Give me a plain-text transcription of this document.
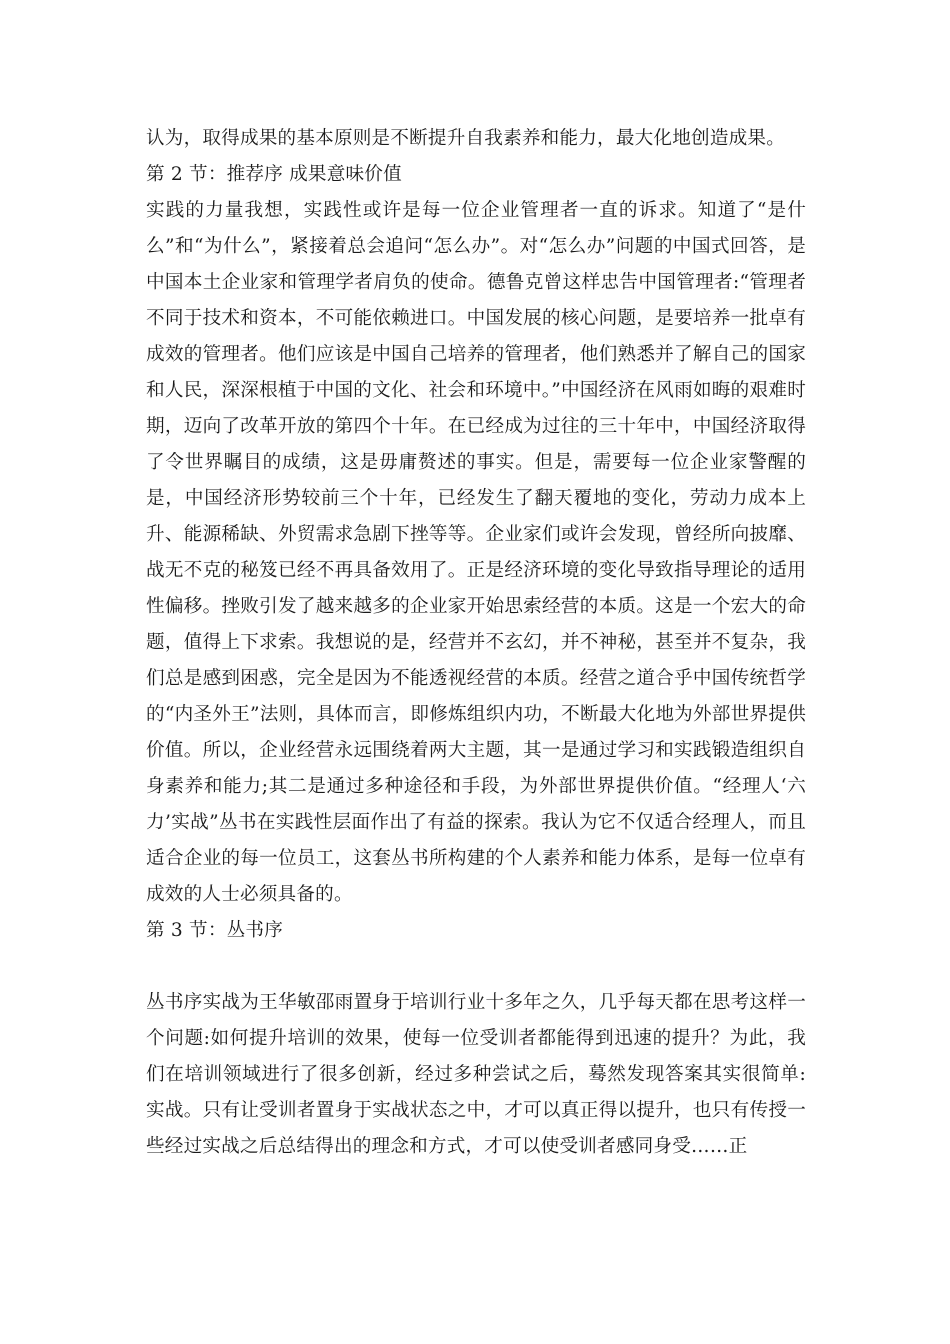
认为，取得成果的基本原则是不断提升自我素养和能力，最大化地创造成果。

第 2 节：推荐序 成果意味价值

实践的力量我想，实践性或许是每一位企业管理者一直的诉求。知道了“是什么”和“为什么”，紧接着总会追问“怎么办”。对“怎么办”问题的中国式回答，是中国本土企业家和管理学者肩负的使命。德鲁克曾这样忠告中国管理者:“管理者不同于技术和资本，不可能依赖进口。中国发展的核心问题，是要培养一批卓有成效的管理者。他们应该是中国自己培养的管理者，他们熟悉并了解自己的国家和人民，深深根植于中国的文化、社会和环境中。”中国经济在风雨如晦的艰难时期，迈向了改革开放的第四个十年。在已经成为过往的三十年中，中国经济取得了令世界瞩目的成绩，这是毋庸赘述的事实。但是，需要每一位企业家警醒的是，中国经济形势较前三个十年，已经发生了翻天覆地的变化，劳动力成本上升、能源稀缺、外贸需求急剧下挫等等。企业家们或许会发现，曾经所向披靡、战无不克的秘笈已经不再具备效用了。正是经济环境的变化导致指导理论的适用性偏移。挫败引发了越来越多的企业家开始思索经营的本质。这是一个宏大的命题，值得上下求索。我想说的是，经营并不玄幻，并不神秘，甚至并不复杂，我们总是感到困惑，完全是因为不能透视经营的本质。经营之道合乎中国传统哲学的“内圣外王”法则，具体而言，即修炼组织内功，不断最大化地为外部世界提供价值。所以，企业经营永远围绕着两大主题，其一是通过学习和实践锻造组织自身素养和能力;其二是通过多种途径和手段，为外部世界提供价值。“经理人‘六力’实战”丛书在实践性层面作出了有益的探索。我认为它不仅适合经理人，而且适合企业的每一位员工，这套丛书所构建的个人素养和能力体系，是每一位卓有成效的人士必须具备的。

第 3 节：丛书序

丛书序实战为王华敏邵雨置身于培训行业十多年之久，几乎每天都在思考这样一个问题:如何提升培训的效果，使每一位受训者都能得到迅速的提升？为此，我们在培训领域进行了很多创新，经过多种尝试之后，蓦然发现答案其实很简单:实战。只有让受训者置身于实战状态之中，才可以真正得以提升，也只有传授一些经过实战之后总结得出的理念和方式，才可以使受训者感同身受……正
